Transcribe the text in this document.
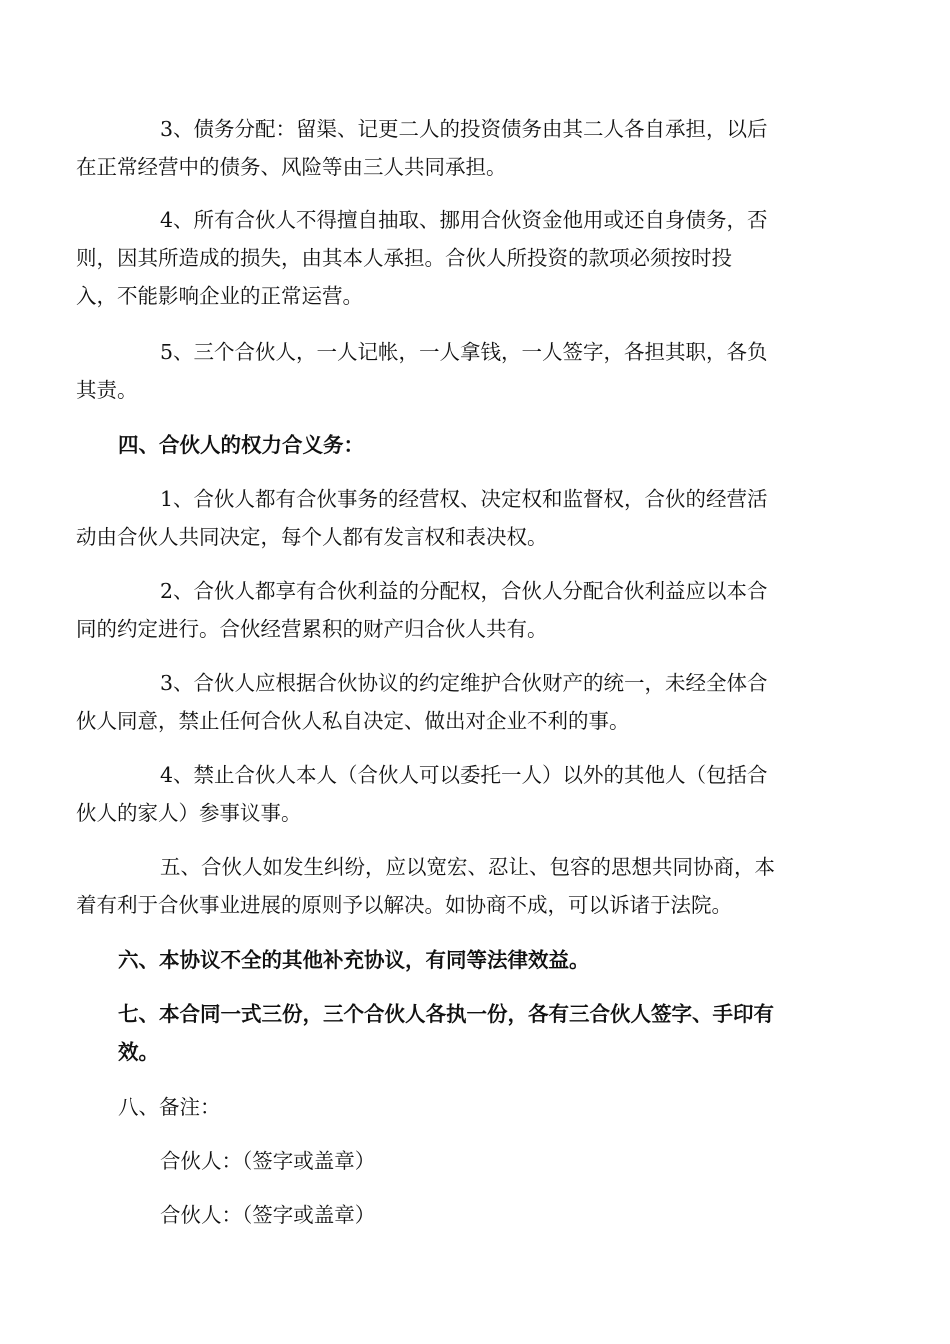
3、债务分配：留渠、记更二人的投资债务由其二人各自承担，以后
在正常经营中的债务、风险等由三人共同承担。

4、所有合伙人不得擅自抽取、挪用合伙资金他用或还自身债务，否
则，因其所造成的损失，由其本人承担。合伙人所投资的款项必须按时投
入，不能影响企业的正常运营。

5、三个合伙人，一人记帐，一人拿钱，一人签字，各担其职，各负
其责。

四、合伙人的权力合义务：

1、合伙人都有合伙事务的经营权、决定权和监督权，合伙的经营活
动由合伙人共同决定，每个人都有发言权和表决权。

2、合伙人都享有合伙利益的分配权，合伙人分配合伙利益应以本合
同的约定进行。合伙经营累积的财产归合伙人共有。

3、合伙人应根据合伙协议的约定维护合伙财产的统一，未经全体合
伙人同意，禁止任何合伙人私自决定、做出对企业不利的事。

4、禁止合伙人本人（合伙人可以委托一人）以外的其他人（包括合
伙人的家人）参事议事。

五、合伙人如发生纠纷，应以宽宏、忍让、包容的思想共同协商，本
着有利于合伙事业进展的原则予以解决。如协商不成，可以诉诸于法院。

六、本协议不全的其他补充协议，有同等法律效益。

七、本合同一式三份，三个合伙人各执一份，各有三合伙人签字、手印有
效。

八、备注：

合伙人：（签字或盖章）

合伙人：（签字或盖章）
